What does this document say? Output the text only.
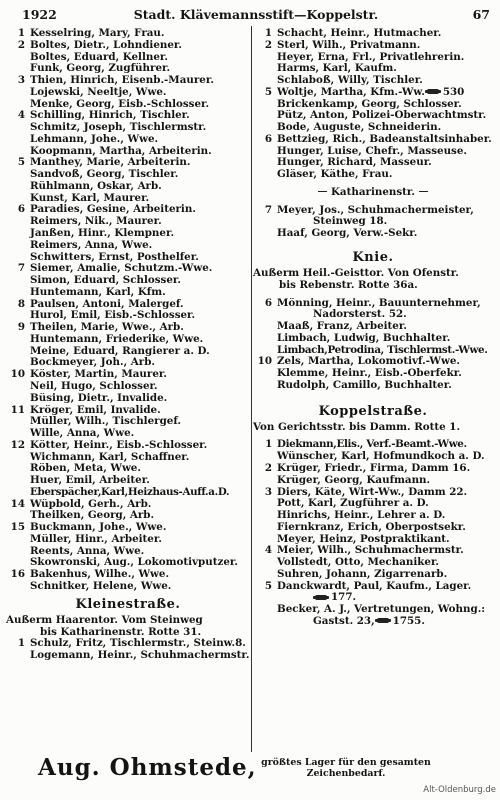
1922	Stadt. Klävemannsstift—Koppelstr.	67
1 Kesselring, Mary, Frau.
2 Boltes, Dietr., Lohndiener.
Boltes, Eduard, Kellner.
Funk, Georg, Zugführer.
3 Thien, Hinrich, Eisenb.-Maurer.
Lojewski, Neeltje, Wwe.
Menke, Georg, Eisb.-Schlosser.
4 Schilling, Hinrich, Tischler.
Schmitz, Joseph, Tischlermstr.
Lehmann, Johe., Wwe.
Koopmann, Martha, Arbeiterin.
5 Manthey, Marie, Arbeiterin.
Sandvoß, Georg, Tischler.
Rühlmann, Oskar, Arb.
Kunst, Karl, Maurer.
6 Paradies, Gesine, Arbeiterin.
Reimers, Nik., Maurer.
Janßen, Hinr., Klempner.
Reimers, Anna, Wwe.
Schwitters, Ernst, Posthelfer.
7 Siemer, Amalie, Schutzm.-Wwe.
Simon, Eduard, Schlosser.
Huntemann, Karl, Kfm.
8 Paulsen, Antoni, Malergef.
Hurol, Emil, Eisb.-Schlosser.
9 Theilen, Marie, Wwe., Arb.
Huntemann, Friederike, Wwe.
Meine, Eduard, Rangierer a. D.
Bockmeyer, Joh., Arb.
10 Köster, Martin, Maurer.
Neil, Hugo, Schlosser.
Büsing, Dietr., Invalide.
11 Kröger, Emil, Invalide.
Müller, Wilh., Tischlergef.
Wille, Anna, Wwe.
12 Kötter, Heinr., Eisb.-Schlosser.
Wichmann, Karl, Schaffner.
Röben, Meta, Wwe.
Huer, Emil, Arbeiter.
Eberspächer,Karl,Heizhaus-Auff.a.D.
14 Wüpbold, Gerh., Arb.
Theilken, Georg, Arb.
15 Buckmann, Johe., Wwe.
Müller, Hinr., Arbeiter.
Reents, Anna, Wwe.
Skowronski, Aug., Lokomotivputzer.
16 Bakenhus, Wilhe., Wwe.
Schnitker, Helene, Wwe.
Kleinestraße.
Außerm Haarentor. Vom Steinweg
bis Katharinenstr. Rotte 31.
1 Schulz, Fritz, Tischlermstr., Steinw.8.
Logemann, Heinr., Schuhmachermstr.
1 Schacht, Heinr., Hutmacher.
2 Sterl, Wilh., Privatmann.
Heyer, Erna, Frl., Privatlehrerin.
Harms, Karl, Kaufm.
Schlaboß, Willy, Tischler.
5 Woltje, Martha, Kfm.-Ww. 530
Brickenkamp, Georg, Schlosser.
Pütz, Anton, Polizei-Oberwachtmstr.
Bode, Auguste, Schneiderin.
6 Bettzieg, Rich., Badeanstaltsinhaber.
Hunger, Luise, Chefr., Masseuse.
Hunger, Richard, Masseur.
Gläser, Käthe, Frau.
Katharinenstr.
7 Meyer, Jos., Schuhmachermeister,
Steinweg 18.
Haaf, Georg, Verw.-Sekr.
Knie.
Außerm Heil.-Geisttor. Von Ofenstr.
bis Rebenstr. Rotte 36a.
6 Mönning, Heinr., Bauunternehmer,
Nadorsterst. 52.
Maaß, Franz, Arbeiter.
Limbach, Ludwig, Buchhalter.
Limbach,Petrodina, Tischlermst.-Wwe.
10 Zels, Martha, Lokomotivf.-Wwe.
Klemme, Heinr., Eisb.-Oberfekr.
Rudolph, Camillo, Buchhalter.
Koppelstraße.
Von Gerichtsstr. bis Damm. Rotte 1.
1 Diekmann,Elis., Verf.-Beamt.-Wwe.
Wünscher, Karl, Hofmundkoch a. D.
2 Krüger, Friedr., Firma, Damm 16.
Krüger, Georg, Kaufmann.
3 Diers, Käte, Wirt-Ww., Damm 22.
Pott, Karl, Zugführer a. D.
Hinrichs, Heinr., Lehrer a. D.
Fiernkranz, Erich, Oberpostsekr.
Meyer, Heinz, Postpraktikant.
4 Meier, Wilh., Schuhmachermstr.
Vollstedt, Otto, Mechaniker.
Suhren, Johann, Zigarrenarb.
5 Danckwardt, Paul, Kaufm., Lager.
177.
Becker, A. J., Vertretungen, Wohng.:
Gastst. 23, 1755.
Aug. Ohmstede, größtes Lager für den gesamten
Zeichenbedarf.
Alt-Oldenburg.de
